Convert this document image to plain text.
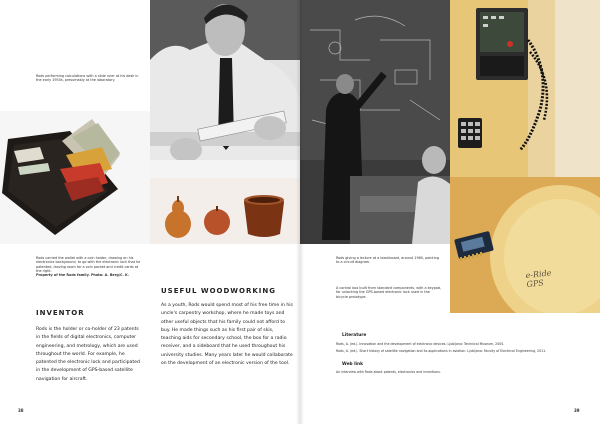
Rods performing calculations with a slide ruler at his desk in the early 1950s, presumably at the laboratory.
Rods carried the wallet with a coin holder, drawing on his electronics background, to go with the electronic lock that he patented, leaving room for a coin pocket and credit cards at the right.
Property of the Rods family. Photo: A. Berg/C. K.
INVENTOR

Rods is the holder or co-holder of 23 patents in the fields of digital electronics, computer engineering, and metrology, which are used throughout the world. For example, he patented the electronic lock and participated in the development of GPS-based satellite navigation for aircraft.

38
e-Ride GPS
Rods giving a lecture at a blackboard, around 1960, pointing to a circuit diagram.
A control box built from standard components, with a keypad, for unlocking the GPS-based electronic lock used in the bicycle prototype.
USEFUL WOODWORKING

As a youth, Rods would spend most of his free time in his uncle's carpentry workshop, where he made toys and other useful objects that his family could not afford to buy. He made things such as his first pair of skis, teaching aids for secondary school, the box for a radio receiver, and a sideboard that he used throughout his university studies. Many years later he would collaborate on the development of an electronic version of the tool.

Literature

Rods, A. (ed.). Innovation and the development of electronic devices. Ljubljana: Technical Museum, 2005.

Rods, A. (ed.). Short history of satellite navigation and its applications in aviation. Ljubljana: Faculty of Electrical Engineering, 2011.

Web link

An interview with Rods about patents, electronics and inventions.

39
